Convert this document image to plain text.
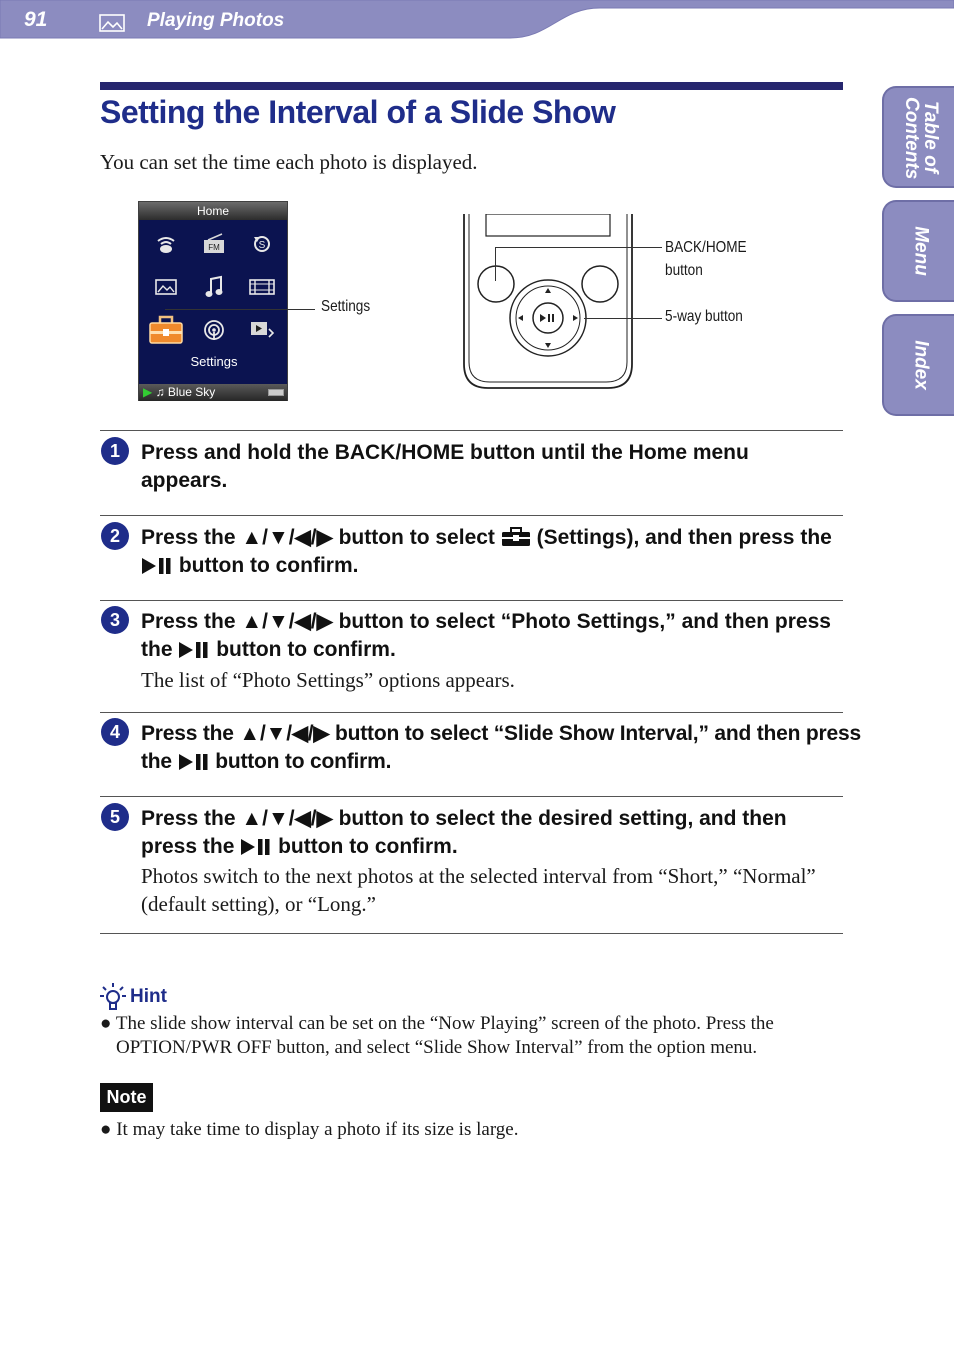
91	Playing Photos
Table of Contents
Menu
Index
Setting the Interval of a Slide Show

You can set the time each photo is displayed.

Home
FM	S
Settings
▶ ♫ Blue Sky
Settings
BACK/HOME
button
5-way button
1	Press and hold the BACK/HOME button until the Home menu appears.
2	Press the ▲/▼/◀/▶ button to select (Settings), and then press the  button to confirm.
3	Press the ▲/▼/◀/▶ button to select “Photo Settings,” and then press the button to confirm.
The list of “Photo Settings” options appears.
4	Press the ▲/▼/◀/▶ button to select “Slide Show Interval,” and then press the button to confirm.
5	Press the ▲/▼/◀/▶ button to select the desired setting, and then press the button to confirm.
Photos switch to the next photos at the selected interval from “Short,” “Normal” (default setting), or “Long.”
Hint

● The slide show interval can be set on the “Now Playing” screen of the photo. Press the OPTION/PWR OFF button, and select “Slide Show Interval” from the option menu.

Note

● It may take time to display a photo if its size is large.
